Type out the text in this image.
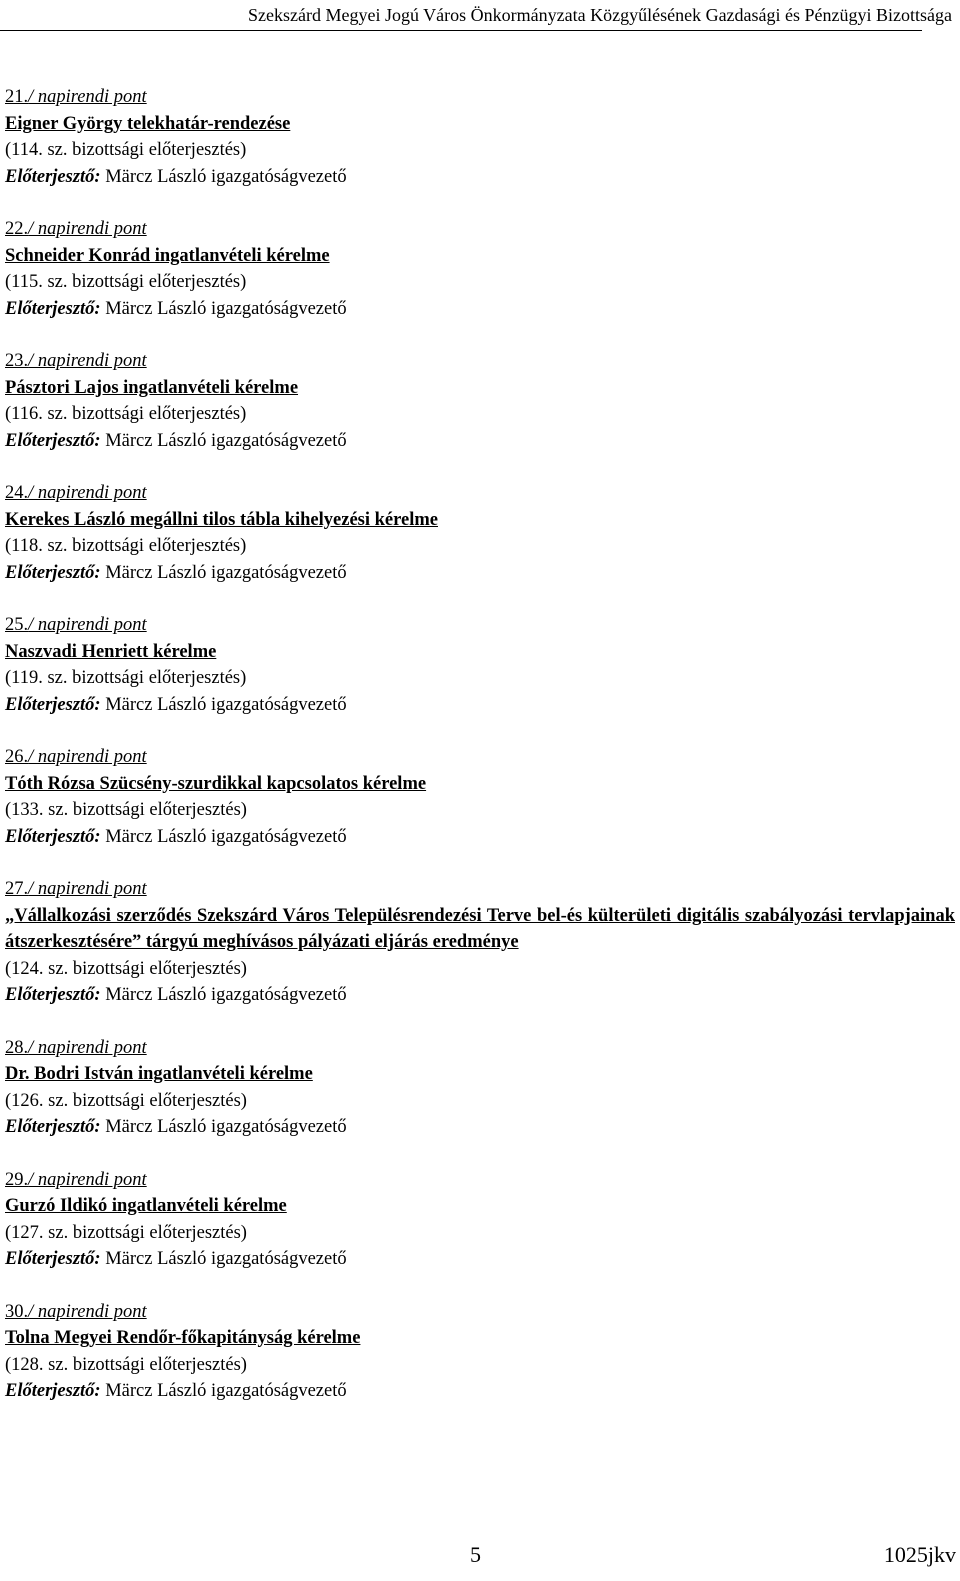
Szekszárd Megyei Jogú Város Önkormányzata Közgyűlésének Gazdasági és Pénzügyi Bizottsága
21./ napirendi pont
Eigner György telekhatár-rendezése
(114. sz. bizottsági előterjesztés)
Előterjesztő: Märcz László igazgatóságvezető
22./ napirendi pont
Schneider Konrád ingatlanvételi kérelme
(115. sz. bizottsági előterjesztés)
Előterjesztő: Märcz László igazgatóságvezető
23./ napirendi pont
Pásztori Lajos ingatlanvételi kérelme
(116. sz. bizottsági előterjesztés)
Előterjesztő: Märcz László igazgatóságvezető
24./ napirendi pont
Kerekes László megállni tilos tábla kihelyezési kérelme
(118. sz. bizottsági előterjesztés)
Előterjesztő: Märcz László igazgatóságvezető
25./ napirendi pont
Naszvadi Henriett kérelme
(119. sz. bizottsági előterjesztés)
Előterjesztő: Märcz László igazgatóságvezető
26./ napirendi pont
Tóth Rózsa Szücsény-szurdikkal kapcsolatos kérelme
(133. sz. bizottsági előterjesztés)
Előterjesztő: Märcz László igazgatóságvezető
27./ napirendi pont
„Vállalkozási szerződés Szekszárd Város Településrendezési Terve bel-és külterületi digitális szabályozási tervlapjainak átszerkesztésére” tárgyú meghívásos pályázati eljárás eredménye
(124. sz. bizottsági előterjesztés)
Előterjesztő: Märcz László igazgatóságvezető
28./ napirendi pont
Dr. Bodri István ingatlanvételi kérelme
(126. sz. bizottsági előterjesztés)
Előterjesztő: Märcz László igazgatóságvezető
29./ napirendi pont
Gurzó Ildikó ingatlanvételi kérelme
(127. sz. bizottsági előterjesztés)
Előterjesztő: Märcz László igazgatóságvezető
30./ napirendi pont
Tolna Megyei Rendőr-főkapitányság kérelme
(128. sz. bizottsági előterjesztés)
Előterjesztő: Märcz László igazgatóságvezető
5	1025jkv
